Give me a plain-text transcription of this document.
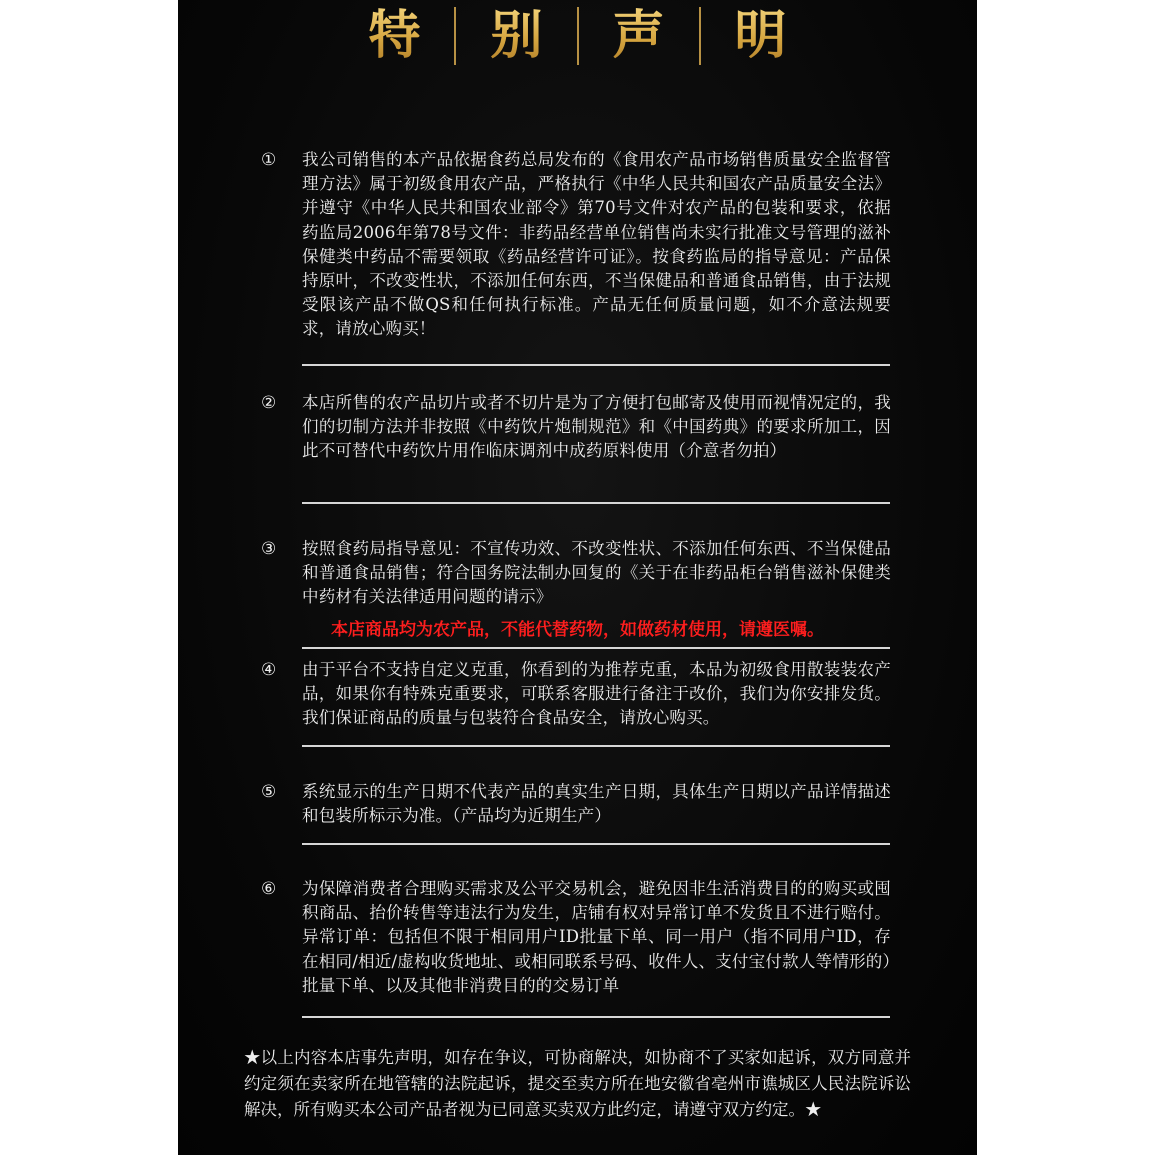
特	别	声	明
①	我公司销售的本产品依据食药总局发布的《食用农产品市场销售质量安全监督管理方法》属于初级食用农产品，严格执行《中华人民共和国农产品质量安全法》并遵守《中华人民共和国农业部令》第70号文件对农产品的包装和要求，依据药监局2006年第78号文件：非药品经营单位销售尚未实行批准文号管理的滋补保健类中药品不需要领取《药品经营许可证》。按食药监局的指导意见：产品保持原叶，不改变性状，不添加任何东西，不当保健品和普通食品销售，由于法规受限该产品不做QS和任何执行标准。产品无任何质量问题，如不介意法规要求，请放心购买！
②	本店所售的农产品切片或者不切片是为了方便打包邮寄及使用而视情况定的，我们的切制方法并非按照《中药饮片炮制规范》和《中国药典》的要求所加工，因此不可替代中药饮片用作临床调剂中成药原料使用（介意者勿拍）
③	按照食药局指导意见：不宣传功效、不改变性状、不添加任何东西、不当保健品和普通食品销售；符合国务院法制办回复的《关于在非药品柜台销售滋补保健类中药材有关法律适用问题的请示》
本店商品均为农产品，不能代替药物，如做药材使用，请遵医嘱。
④	由于平台不支持自定义克重，你看到的为推荐克重，本品为初级食用散装装农产品，如果你有特殊克重要求，可联系客服进行备注于改价，我们为你安排发货。我们保证商品的质量与包装符合食品安全，请放心购买。
⑤	系统显示的生产日期不代表产品的真实生产日期，具体生产日期以产品详情描述和包装所标示为准。（产品均为近期生产）
⑥	为保障消费者合理购买需求及公平交易机会，避免因非生活消费目的的购买或囤积商品、抬价转售等违法行为发生，店铺有权对异常订单不发货且不进行赔付。异常订单：包括但不限于相同用户ID批量下单、同一用户（指不同用户ID，存在相同/相近/虚构收货地址、或相同联系号码、收件人、支付宝付款人等情形的）批量下单、以及其他非消费目的的交易订单
★以上内容本店事先声明，如存在争议，可协商解决，如协商不了买家如起诉，双方同意并约定须在卖家所在地管辖的法院起诉，提交至卖方所在地安徽省亳州市谯城区人民法院诉讼解决，所有购买本公司产品者视为已同意买卖双方此约定，请遵守双方约定。★
